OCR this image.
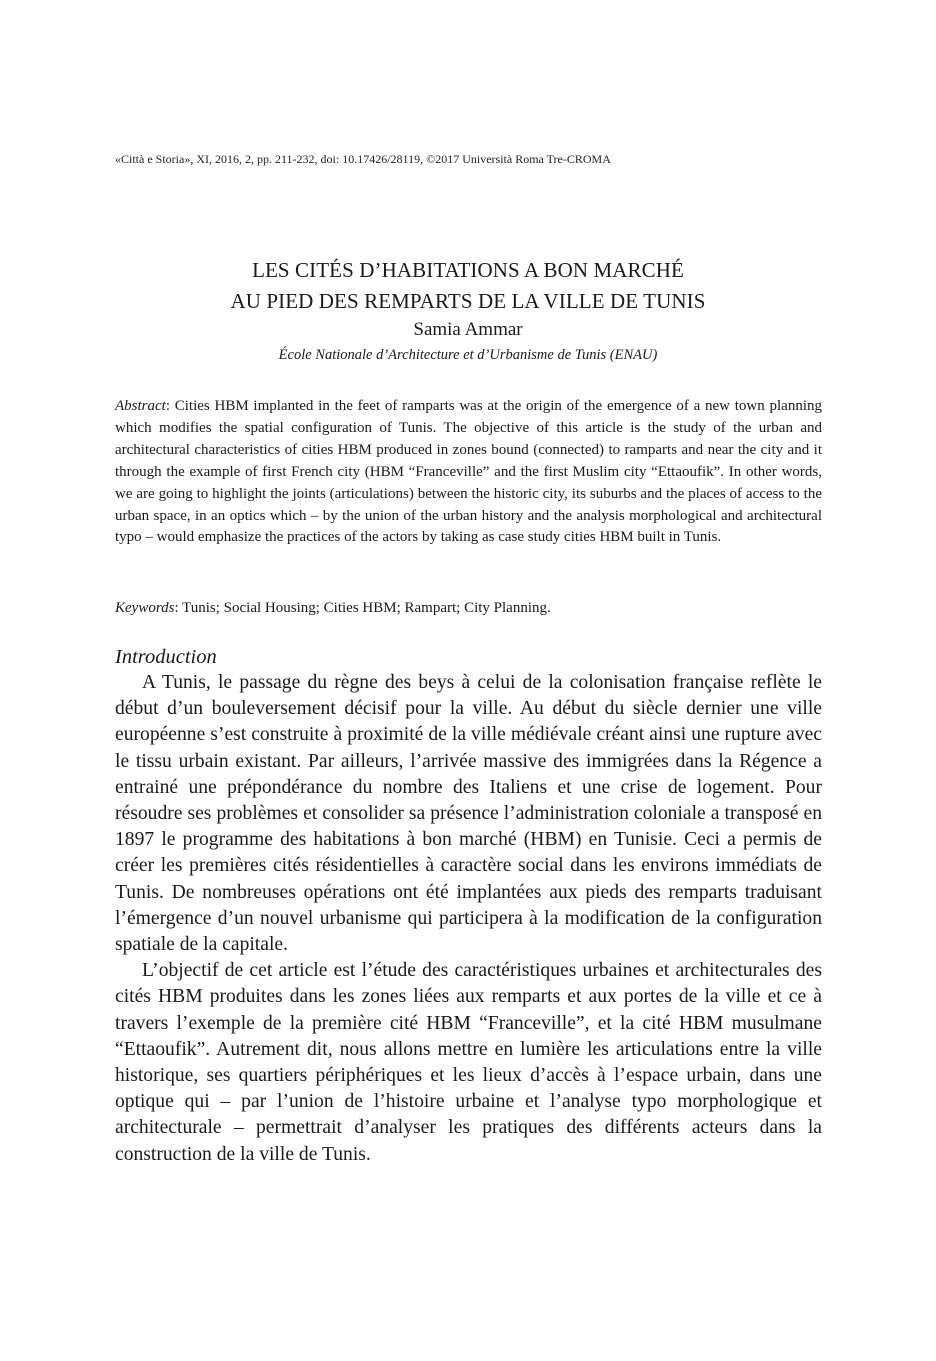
«Città e Storia», XI, 2016, 2, pp. 211-232, doi: 10.17426/28119, ©2017 Università Roma Tre-CROMA
LES CITÉS D’HABITATIONS A BON MARCHÉ
AU PIED DES REMPARTS DE LA VILLE DE TUNIS
Samia Ammar
École Nationale d’Architecture et d’Urbanisme de Tunis (ENAU)
Abstract: Cities HBM implanted in the feet of ramparts was at the origin of the emergence of a new town planning which modifies the spatial configuration of Tunis. The objective of this article is the study of the urban and architectural characteristics of cities HBM produced in zones bound (connected) to ramparts and near the city and it through the example of first French city (HBM “Franceville” and the first Muslim city “Ettaoufik”. In other words, we are going to highlight the joints (articulations) between the historic city, its suburbs and the places of access to the urban space, in an optics which – by the union of the urban history and the analysis morphological and architectural typo – would emphasize the practices of the actors by taking as case study cities HBM built in Tunis.
Keywords: Tunis; Social Housing; Cities HBM; Rampart; City Planning.
Introduction

A Tunis, le passage du règne des beys à celui de la colonisation française reflète le début d’un bouleversement décisif pour la ville. Au début du siècle dernier une ville européenne s’est construite à proximité de la ville médiévale créant ainsi une rupture avec le tissu urbain existant. Par ailleurs, l’arrivée massive des immigrées dans la Régence a entrainé une prépondérance du nombre des Italiens et une crise de logement. Pour résoudre ses problèmes et consolider sa présence l’administration coloniale a transposé en 1897 le programme des habitations à bon marché (HBM) en Tunisie. Ceci a permis de créer les premières cités résidentielles à caractère social dans les environs immédiats de Tunis. De nombreuses opérations ont été implantées aux pieds des remparts traduisant l’émergence d’un nouvel urbanisme qui participera à la modification de la configuration spatiale de la capitale.

L’objectif de cet article est l’étude des caractéristiques urbaines et architecturales des cités HBM produites dans les zones liées aux remparts et aux portes de la ville et ce à travers l’exemple de la première cité HBM “Franceville”, et la cité HBM musulmane “Ettaoufik”. Autrement dit, nous allons mettre en lumière les articulations entre la ville historique, ses quartiers périphériques et les lieux d’accès à l’espace urbain, dans une optique qui – par l’union de l’histoire urbaine et l’analyse typo morphologique et architecturale – permettrait d’analyser les pratiques des différents acteurs dans la construction de la ville de Tunis.
